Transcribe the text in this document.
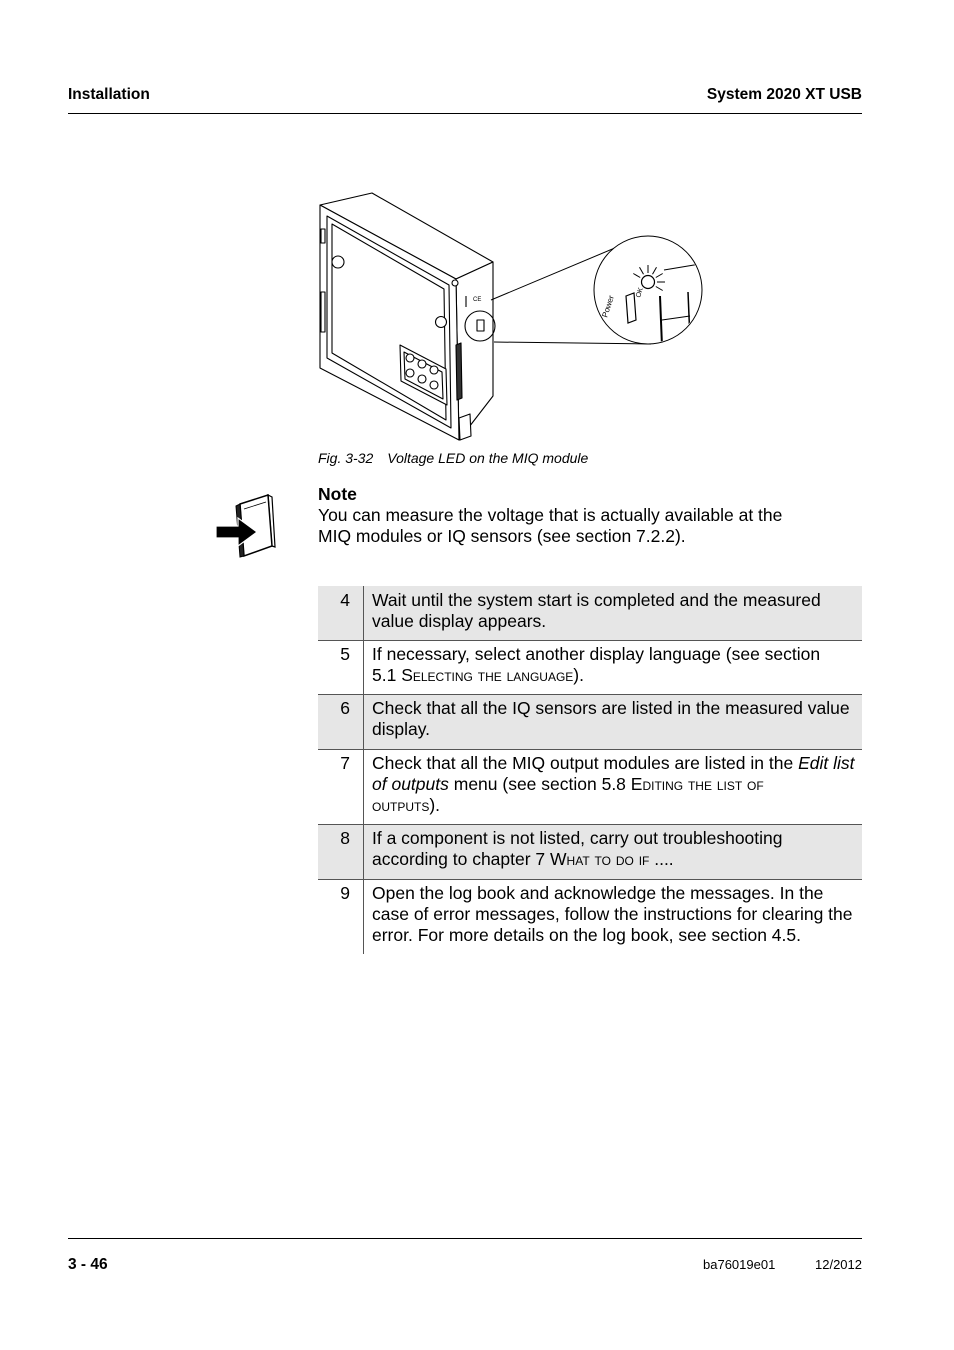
Installation	System 2020 XT USB
CE	Power
OK
Fig. 3-32 Voltage LED on the MIQ module
Note
You can measure the voltage that is actually available at the
MIQ modules or IQ sensors (see section 7.2.2).
4 Wait until the system start is completed and the measured
value display appears.
5 If necessary, select another display language (see section
5.1 Selecting the language).
6 Check that all the IQ sensors are listed in the measured value
display.
7 Check that all the MIQ output modules are listed in the Edit list
of outputs menu (see section 5.8 Editing the list of
outputs).
8 If a component is not listed, carry out troubleshooting
according to chapter 7 What to do if ....
9 Open the log book and acknowledge the messages. In the
case of error messages, follow the instructions for clearing the
error. For more details on the log book, see section 4.5.
3 - 46	ba76019e01	12/2012
